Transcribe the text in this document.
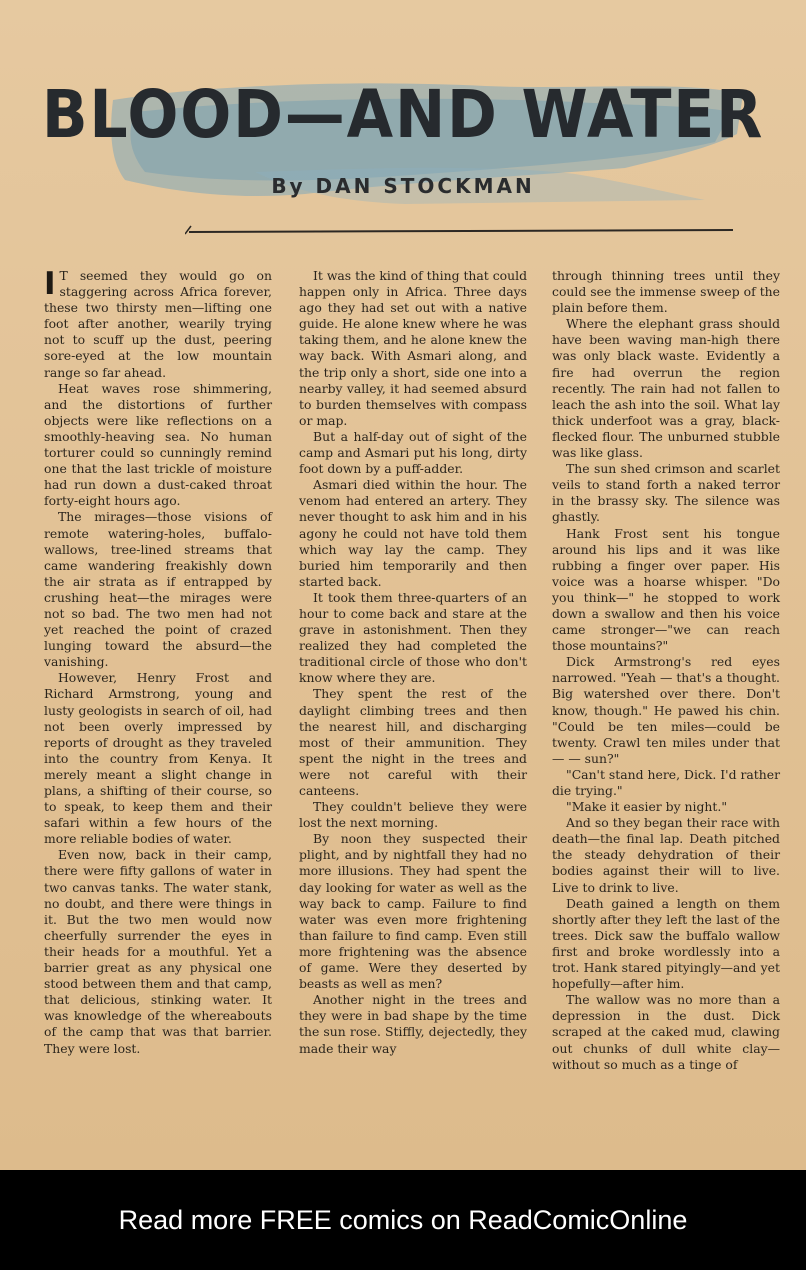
BLOOD—AND WATER
By DAN STOCKMAN

I T seemed they would go on staggering across Africa forever, these two thirsty men—lifting one foot after another, wearily trying not to scuff up the dust, peering sore-eyed at the low mountain range so far ahead.

Heat waves rose shimmering, and the distortions of further objects were like reflections on a smoothly-heaving sea. No human torturer could so cunningly remind one that the last trickle of moisture had run down a dust-caked throat forty-eight hours ago.

The mirages—those visions of remote watering-holes, buffalo-wallows, tree-lined streams that came wandering freakishly down the air strata as if entrapped by crushing heat—the mirages were not so bad. The two men had not yet reached the point of crazed lunging toward the absurd—the vanishing.

However, Henry Frost and Richard Armstrong, young and lusty geologists in search of oil, had not been overly impressed by reports of drought as they traveled into the country from Kenya. It merely meant a slight change in plans, a shifting of their course, so to speak, to keep them and their safari within a few hours of the more reliable bodies of water.

Even now, back in their camp, there were fifty gallons of water in two canvas tanks. The water stank, no doubt, and there were things in it. But the two men would now cheerfully surrender the eyes in their heads for a mouthful. Yet a barrier great as any physical one stood between them and that camp, that delicious, stinking water. It was knowledge of the whereabouts of the camp that was that barrier. They were lost.

It was the kind of thing that could happen only in Africa. Three days ago they had set out with a native guide. He alone knew where he was taking them, and he alone knew the way back. With Asmari along, and the trip only a short, side one into a nearby valley, it had seemed absurd to burden themselves with compass or map.

But a half-day out of sight of the camp and Asmari put his long, dirty foot down by a puff-adder.

Asmari died within the hour. The venom had entered an artery. They never thought to ask him and in his agony he could not have told them which way lay the camp. They buried him temporarily and then started back.

It took them three-quarters of an hour to come back and stare at the grave in astonishment. Then they realized they had completed the traditional circle of those who don't know where they are.

They spent the rest of the daylight climbing trees and then the nearest hill, and discharging most of their ammunition. They spent the night in the trees and were not careful with their canteens.

They couldn't believe they were lost the next morning.

By noon they suspected their plight, and by nightfall they had no more illusions. They had spent the day looking for water as well as the way back to camp. Failure to find water was even more frightening than failure to find camp. Even still more frightening was the absence of game. Were they deserted by beasts as well as men?

Another night in the trees and they were in bad shape by the time the sun rose. Stiffly, dejectedly, they made their way

through thinning trees until they could see the immense sweep of the plain before them.

Where the elephant grass should have been waving man-high there was only black waste. Evidently a fire had overrun the region recently. The rain had not fallen to leach the ash into the soil. What lay thick underfoot was a gray, black-flecked flour. The unburned stubble was like glass.

The sun shed crimson and scarlet veils to stand forth a naked terror in the brassy sky. The silence was ghastly.

Hank Frost sent his tongue around his lips and it was like rubbing a finger over paper. His voice was a hoarse whisper. "Do you think—" he stopped to work down a swallow and then his voice came stronger—"we can reach those mountains?"

Dick Armstrong's red eyes narrowed. "Yeah — that's a thought. Big watershed over there. Don't know, though." He pawed his chin. "Could be ten miles—could be twenty. Crawl ten miles under that — — sun?"

"Can't stand here, Dick. I'd rather die trying."

"Make it easier by night."

And so they began their race with death—the final lap. Death pitched the steady dehydration of their bodies against their will to live. Live to drink to live.

Death gained a length on them shortly after they left the last of the trees. Dick saw the buffalo wallow first and broke wordlessly into a trot. Hank stared pityingly—and yet hopefully—after him.

The wallow was no more than a depression in the dust. Dick scraped at the caked mud, clawing out chunks of dull white clay—without so much as a tinge of

Read more FREE comics on ReadComicOnline
